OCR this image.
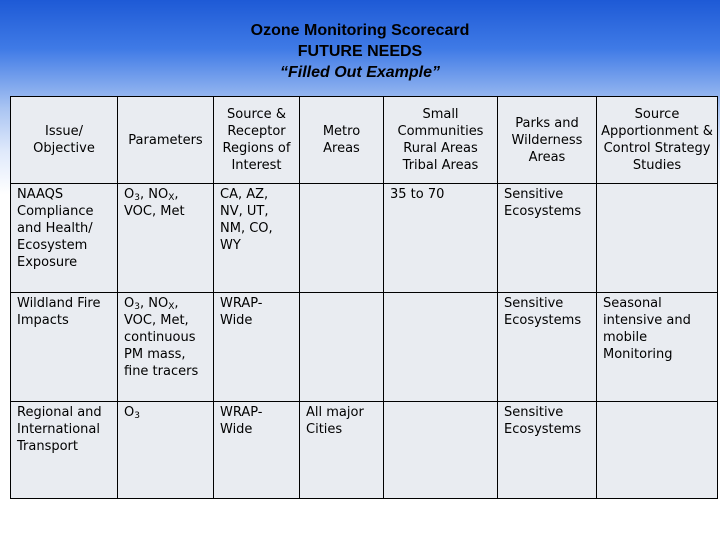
Ozone Monitoring Scorecard
FUTURE NEEDS
“Filled Out Example”
Issue/ Objective	Parameters	Source & Receptor Regions of Interest	Metro Areas	Small Communities Rural Areas Tribal Areas	Parks and Wilderness Areas	Source Apportionment & Control Strategy Studies
NAAQS Compliance and Health/ Ecosystem Exposure	$O_3$, $NO_X$, VOC, Met	CA, AZ, NV, UT, NM, CO, WY		35 to 70	Sensitive Ecosystems	
Wildland Fire Impacts	$O_3$, $NO_X$, VOC, Met, continuous PM mass, fine tracers	WRAP-Wide			Sensitive Ecosystems	Seasonal intensive and mobile Monitoring
Regional and International Transport	$O_3$	WRAP-Wide	All major Cities		Sensitive Ecosystems	
